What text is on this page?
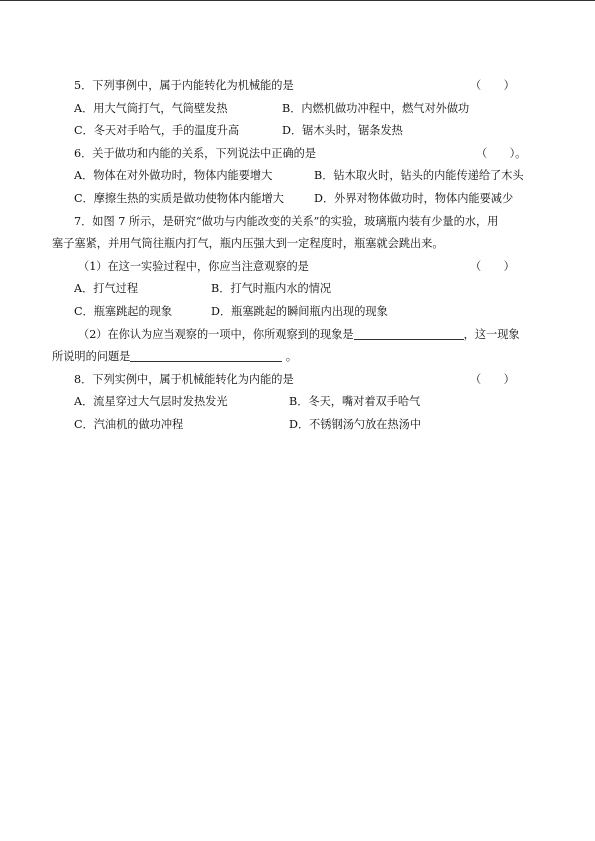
5．下列事例中，属于内能转化为机械能的是	（　　）
A．用大气筒打气，气筒壁发热	B．内燃机做功冲程中，燃气对外做功
C．冬天对手哈气，手的温度升高	D．锯木头时，锯条发热
6．关于做功和内能的关系，下列说法中正确的是	（　　）。
A．物体在对外做功时，物体内能要增大	B．钻木取火时，钻头的内能传递给了木头
C．摩擦生热的实质是做功使物体内能增大	D．外界对物体做功时，物体内能要减少
7．如图 7 所示，是研究“做功与内能改变的关系”的实验，玻璃瓶内装有少量的水，用
塞子塞紧，并用气筒往瓶内打气，瓶内压强大到一定程度时，瓶塞就会跳出来。
（1）在这一实验过程中，你应当注意观察的是	（　　）
A．打气过程	B．打气时瓶内水的情况
C．瓶塞跳起的现象	D．瓶塞跳起的瞬间瓶内出现的现象
（2）在你认为应当观察的一项中，你所观察到的现象是	，这一现象
所说明的问题是	。
8．下列实例中，属于机械能转化为内能的是	（　　）
A．流星穿过大气层时发热发光	B．冬天，嘴对着双手哈气
C．汽油机的做功冲程	D．不锈钢汤勺放在热汤中
